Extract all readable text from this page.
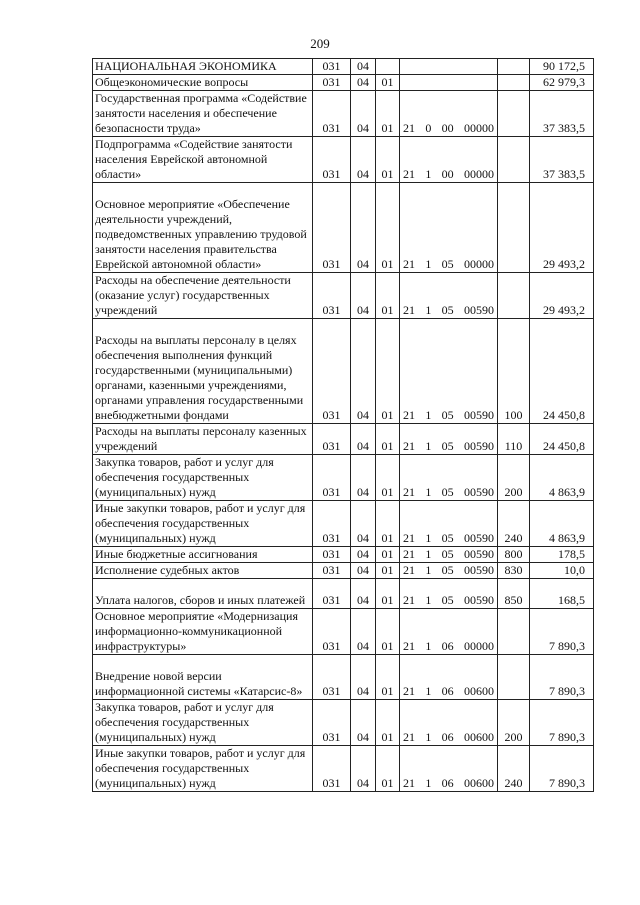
209
НАЦИОНАЛЬНАЯ ЭКОНОМИКА	031	04				90 172,5
Общеэкономические вопросы	031	04	01			62 979,3
Государственная программа «Содействие занятости населения и обеспечение безопасности труда»	031	04	01	21 0 00 00000		37 383,5
Подпрограмма «Содействие занятости населения Еврейской автономной области»	031	04	01	21 1 00 00000		37 383,5
Основное мероприятие «Обеспечение деятельности учреждений, подведомственных управлению трудовой занятости населения правительства Еврейской автономной области»	031	04	01	21 1 05 00000		29 493,2
Расходы на обеспечение деятельности (оказание услуг) государственных учреждений	031	04	01	21 1 05 00590		29 493,2
Расходы на выплаты персоналу в целях обеспечения выполнения функций государственными (муниципальными) органами, казенными учреждениями, органами управления государственными внебюджетными фондами	031	04	01	21 1 05 00590	100	24 450,8
Расходы на выплаты персоналу казенных учреждений	031	04	01	21 1 05 00590	110	24 450,8
Закупка товаров, работ и услуг для обеспечения государственных (муниципальных) нужд	031	04	01	21 1 05 00590	200	4 863,9
Иные закупки товаров, работ и услуг для обеспечения государственных (муниципальных) нужд	031	04	01	21 1 05 00590	240	4 863,9
Иные бюджетные ассигнования	031	04	01	21 1 05 00590	800	178,5
Исполнение судебных актов	031	04	01	21 1 05 00590	830	10,0
Уплата налогов, сборов и иных платежей	031	04	01	21 1 05 00590	850	168,5
Основное мероприятие «Модернизация информационно-коммуникационной инфраструктуры»	031	04	01	21 1 06 00000		7 890,3
Внедрение новой версии информационной системы «Катарсис-8»	031	04	01	21 1 06 00600		7 890,3
Закупка товаров, работ и услуг для обеспечения государственных (муниципальных) нужд	031	04	01	21 1 06 00600	200	7 890,3
Иные закупки товаров, работ и услуг для обеспечения государственных (муниципальных) нужд	031	04	01	21 1 06 00600	240	7 890,3
